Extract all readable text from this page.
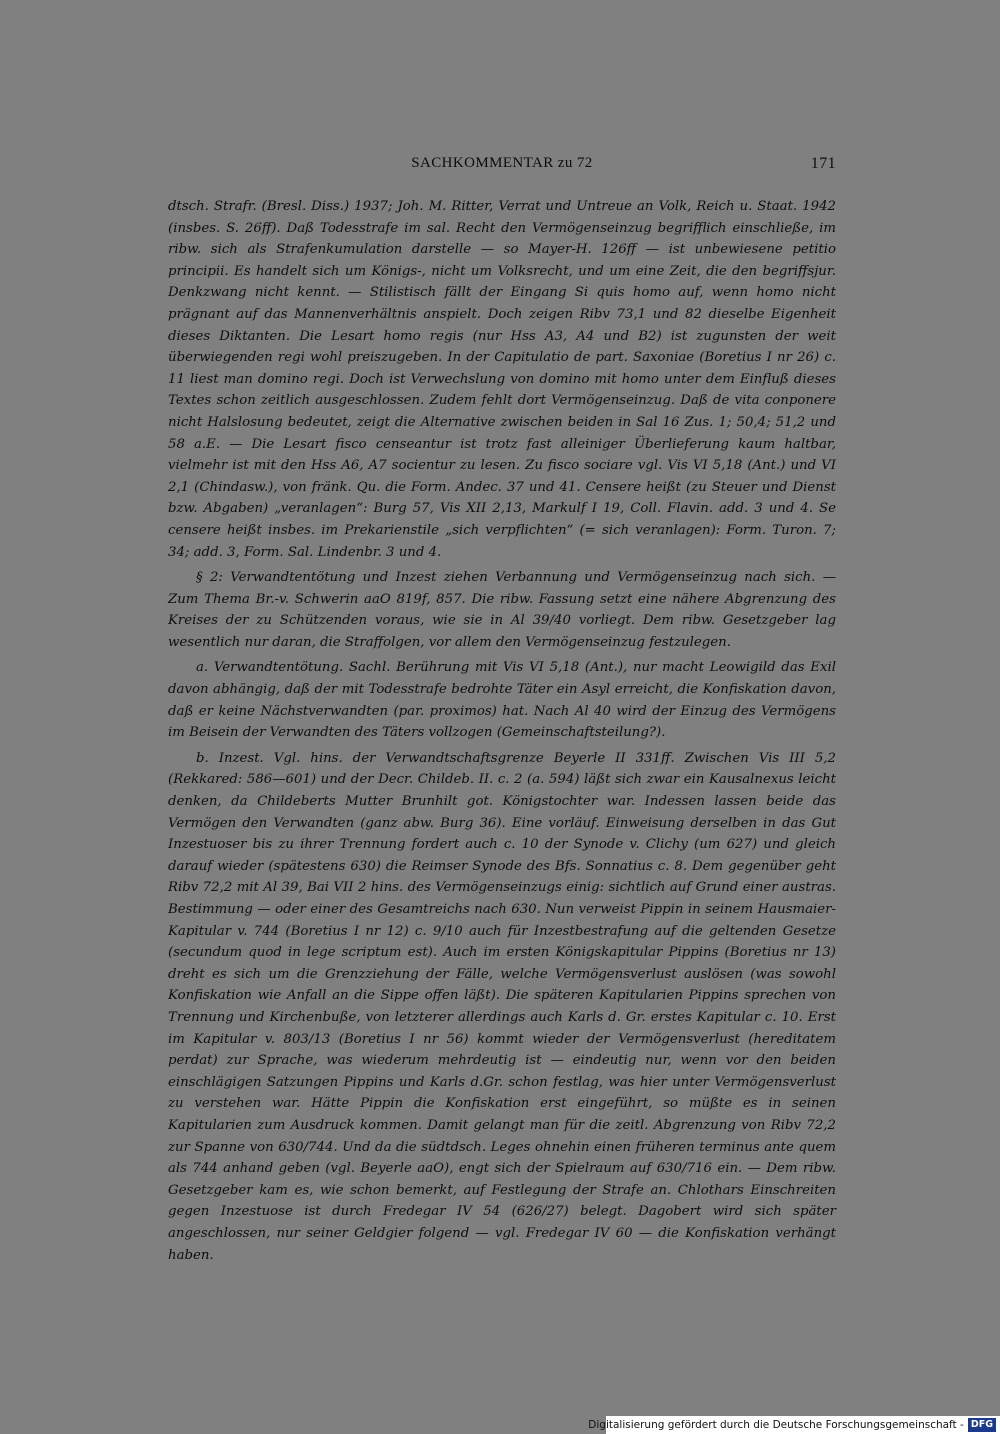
SACHKOMMENTAR zu 72	171

dtsch. Strafr. (Bresl. Diss.) 1937; Joh. M. Ritter, Verrat und Untreue an Volk, Reich u. Staat. 1942 (insbes. S. 26ff). Daß Todesstrafe im sal. Recht den Vermögenseinzug begrifflich einschließe, im ribw. sich als Strafenkumulation darstelle — so Mayer-H. 126ff — ist unbewiesene petitio principii. Es handelt sich um Königs-, nicht um Volksrecht, und um eine Zeit, die den begriffsjur. Denkzwang nicht kennt. — Stilistisch fällt der Eingang Si quis homo auf, wenn homo nicht prägnant auf das Mannenverhältnis anspielt. Doch zeigen Ribv 73,1 und 82 dieselbe Eigenheit dieses Diktanten. Die Lesart homo regis (nur Hss A3, A4 und B2) ist zugunsten der weit überwiegenden regi wohl preiszugeben. In der Capitulatio de part. Saxoniae (Boretius I nr 26) c. 11 liest man domino regi. Doch ist Verwechslung von domino mit homo unter dem Einfluß dieses Textes schon zeitlich ausgeschlossen. Zudem fehlt dort Vermögenseinzug. Daß de vita conponere nicht Halslosung bedeutet, zeigt die Alternative zwischen beiden in Sal 16 Zus. 1; 50,4; 51,2 und 58 a.E. — Die Lesart fisco censeantur ist trotz fast alleiniger Überlieferung kaum haltbar, vielmehr ist mit den Hss A6, A7 socientur zu lesen. Zu fisco sociare vgl. Vis VI 5,18 (Ant.) und VI 2,1 (Chindasw.), von fränk. Qu. die Form. Andec. 37 und 41. Censere heißt (zu Steuer und Dienst bzw. Abgaben) „veranlagen“: Burg 57, Vis XII 2,13, Markulf I 19, Coll. Flavin. add. 3 und 4. Se censere heißt insbes. im Prekarienstile „sich verpflichten“ (= sich veranlagen): Form. Turon. 7; 34; add. 3, Form. Sal. Lindenbr. 3 und 4.

§ 2: Verwandtentötung und Inzest ziehen Verbannung und Vermögenseinzug nach sich. — Zum Thema Br.-v. Schwerin aaO 819f, 857. Die ribw. Fassung setzt eine nähere Abgrenzung des Kreises der zu Schützenden voraus, wie sie in Al 39/40 vorliegt. Dem ribw. Gesetzgeber lag wesentlich nur daran, die Straffolgen, vor allem den Vermögenseinzug festzulegen.

a. Verwandtentötung. Sachl. Berührung mit Vis VI 5,18 (Ant.), nur macht Leowigild das Exil davon abhängig, daß der mit Todesstrafe bedrohte Täter ein Asyl erreicht, die Konfiskation davon, daß er keine Nächstverwandten (par. proximos) hat. Nach Al 40 wird der Einzug des Vermögens im Beisein der Verwandten des Täters vollzogen (Gemeinschaftsteilung?).

b. Inzest. Vgl. hins. der Verwandtschaftsgrenze Beyerle II 331ff. Zwischen Vis III 5,2 (Rekkared: 586—601) und der Decr. Childeb. II. c. 2 (a. 594) läßt sich zwar ein Kausalnexus leicht denken, da Childeberts Mutter Brunhilt got. Königstochter war. Indessen lassen beide das Vermögen den Verwandten (ganz abw. Burg 36). Eine vorläuf. Einweisung derselben in das Gut Inzestuoser bis zu ihrer Trennung fordert auch c. 10 der Synode v. Clichy (um 627) und gleich darauf wieder (spätestens 630) die Reimser Synode des Bfs. Sonnatius c. 8. Dem gegenüber geht Ribv 72,2 mit Al 39, Bai VII 2 hins. des Vermögenseinzugs einig: sichtlich auf Grund einer austras. Bestimmung — oder einer des Gesamtreichs nach 630. Nun verweist Pippin in seinem Hausmaier-Kapitular v. 744 (Boretius I nr 12) c. 9/10 auch für Inzestbestrafung auf die geltenden Gesetze (secundum quod in lege scriptum est). Auch im ersten Königskapitular Pippins (Boretius nr 13) dreht es sich um die Grenzziehung der Fälle, welche Vermögensverlust auslösen (was sowohl Konfiskation wie Anfall an die Sippe offen läßt). Die späteren Kapitularien Pippins sprechen von Trennung und Kirchenbuße, von letzterer allerdings auch Karls d. Gr. erstes Kapitular c. 10. Erst im Kapitular v. 803/13 (Boretius I nr 56) kommt wieder der Vermögensverlust (hereditatem perdat) zur Sprache, was wiederum mehrdeutig ist — eindeutig nur, wenn vor den beiden einschlägigen Satzungen Pippins und Karls d.Gr. schon festlag, was hier unter Vermögensverlust zu verstehen war. Hätte Pippin die Konfiskation erst eingeführt, so müßte es in seinen Kapitularien zum Ausdruck kommen. Damit gelangt man für die zeitl. Abgrenzung von Ribv 72,2 zur Spanne von 630/744. Und da die südtdsch. Leges ohnehin einen früheren terminus ante quem als 744 anhand geben (vgl. Beyerle aaO), engt sich der Spielraum auf 630/716 ein. — Dem ribw. Gesetzgeber kam es, wie schon bemerkt, auf Festlegung der Strafe an. Chlothars Einschreiten gegen Inzestuose ist durch Fredegar IV 54 (626/27) belegt. Dagobert wird sich später angeschlossen, nur seiner Geldgier folgend — vgl. Fredegar IV 60 — die Konfiskation verhängt haben.

Digitalisierung gefördert durch die Deutsche Forschungsgemeinschaft - DFG
